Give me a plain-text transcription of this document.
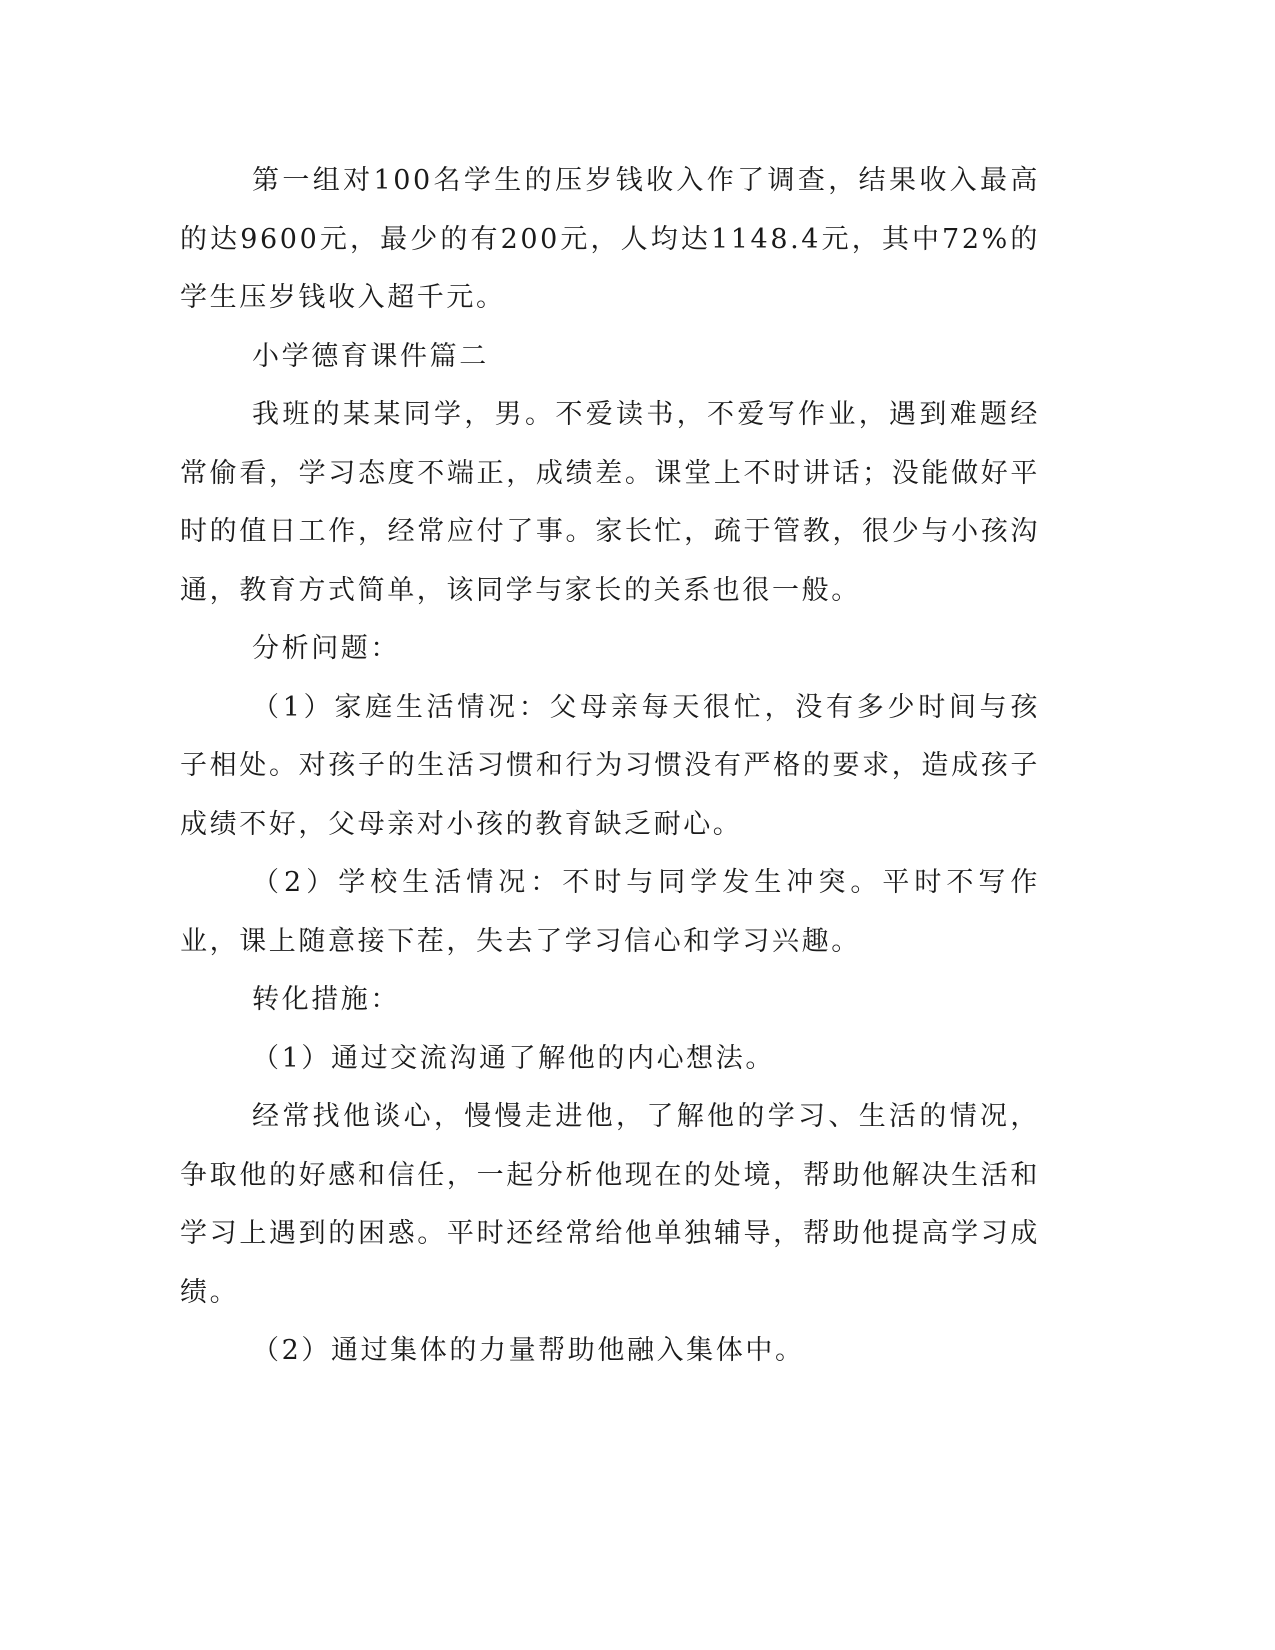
第一组对100名学生的压岁钱收入作了调查，结果收入最高的达9600元，最少的有200元，人均达1148.4元，其中72%的学生压岁钱收入超千元。

小学德育课件篇二

我班的某某同学，男。不爱读书，不爱写作业，遇到难题经常偷看，学习态度不端正，成绩差。课堂上不时讲话；没能做好平时的值日工作，经常应付了事。家长忙，疏于管教，很少与小孩沟通，教育方式简单，该同学与家长的关系也很一般。

分析问题：

（1）家庭生活情况：父母亲每天很忙，没有多少时间与孩子相处。对孩子的生活习惯和行为习惯没有严格的要求，造成孩子成绩不好，父母亲对小孩的教育缺乏耐心。

（2）学校生活情况：不时与同学发生冲突。平时不写作业，课上随意接下茬，失去了学习信心和学习兴趣。

转化措施：

（1）通过交流沟通了解他的内心想法。

经常找他谈心，慢慢走进他，了解他的学习、生活的情况，争取他的好感和信任，一起分析他现在的处境，帮助他解决生活和学习上遇到的困惑。平时还经常给他单独辅导，帮助他提高学习成绩。

（2）通过集体的力量帮助他融入集体中。
